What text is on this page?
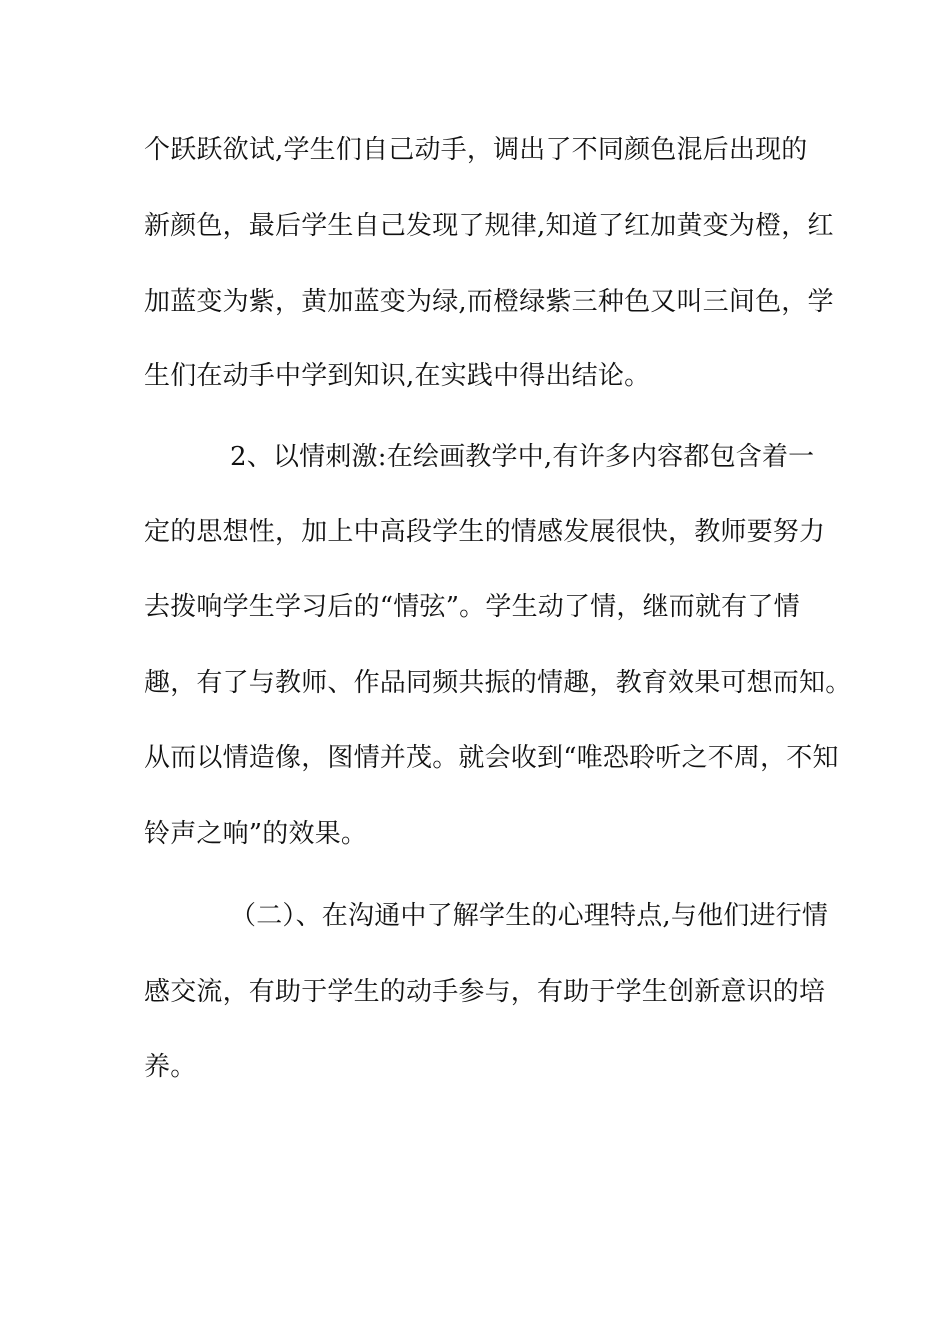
个跃跃欲试,学生们自己动手，调出了不同颜色混后出现的
新颜色，最后学生自己发现了规律,知道了红加黄变为橙，红
加蓝变为紫，黄加蓝变为绿,而橙绿紫三种色又叫三间色，学
生们在动手中学到知识,在实践中得出结论。
2、以情刺激:在绘画教学中,有许多内容都包含着一
定的思想性，加上中高段学生的情感发展很快，教师要努力
去拨响学生学习后的“情弦”。学生动了情，继而就有了情
趣，有了与教师、作品同频共振的情趣，教育效果可想而知。
从而以情造像，图情并茂。就会收到“唯恐聆听之不周，不知
铃声之响”的效果。
（二）、在沟通中了解学生的心理特点,与他们进行情
感交流，有助于学生的动手参与，有助于学生创新意识的培
养。
